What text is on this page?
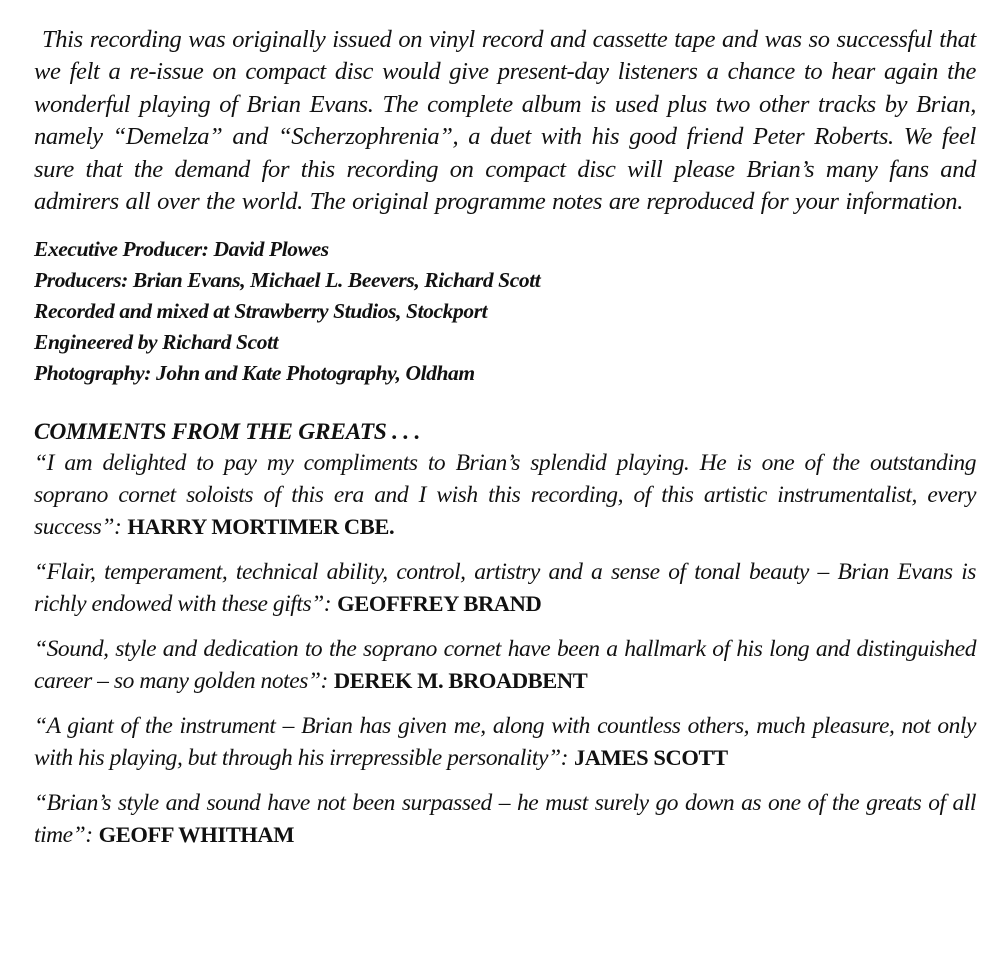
This recording was originally issued on vinyl record and cassette tape and was so successful that we felt a re-issue on compact disc would give present-day listeners a chance to hear again the wonderful playing of Brian Evans. The complete album is used plus two other tracks by Brian, namely “Demelza” and “Scherzophrenia”, a duet with his good friend Peter Roberts. We feel sure that the demand for this recording on compact disc will please Brian’s many fans and admirers all over the world. The original programme notes are reproduced for your information.

Executive Producer: David Plowes
Producers: Brian Evans, Michael L. Beevers, Richard Scott
Recorded and mixed at Strawberry Studios, Stockport
Engineered by Richard Scott
Photography: John and Kate Photography, Oldham
COMMENTS FROM THE GREATS . . .

“I am delighted to pay my compliments to Brian’s splendid playing. He is one of the outstanding soprano cornet soloists of this era and I wish this recording, of this artistic instrumentalist, every success”: HARRY MORTIMER CBE.

“Flair, temperament, technical ability, control, artistry and a sense of tonal beauty – Brian Evans is richly endowed with these gifts”: GEOFFREY BRAND

“Sound, style and dedication to the soprano cornet have been a hallmark of his long and distinguished career – so many golden notes”: DEREK M. BROADBENT

“A giant of the instrument – Brian has given me, along with countless others, much pleasure, not only with his playing, but through his irrepressible personality”: JAMES SCOTT

“Brian’s style and sound have not been surpassed – he must surely go down as one of the greats of all time”: GEOFF WHITHAM
